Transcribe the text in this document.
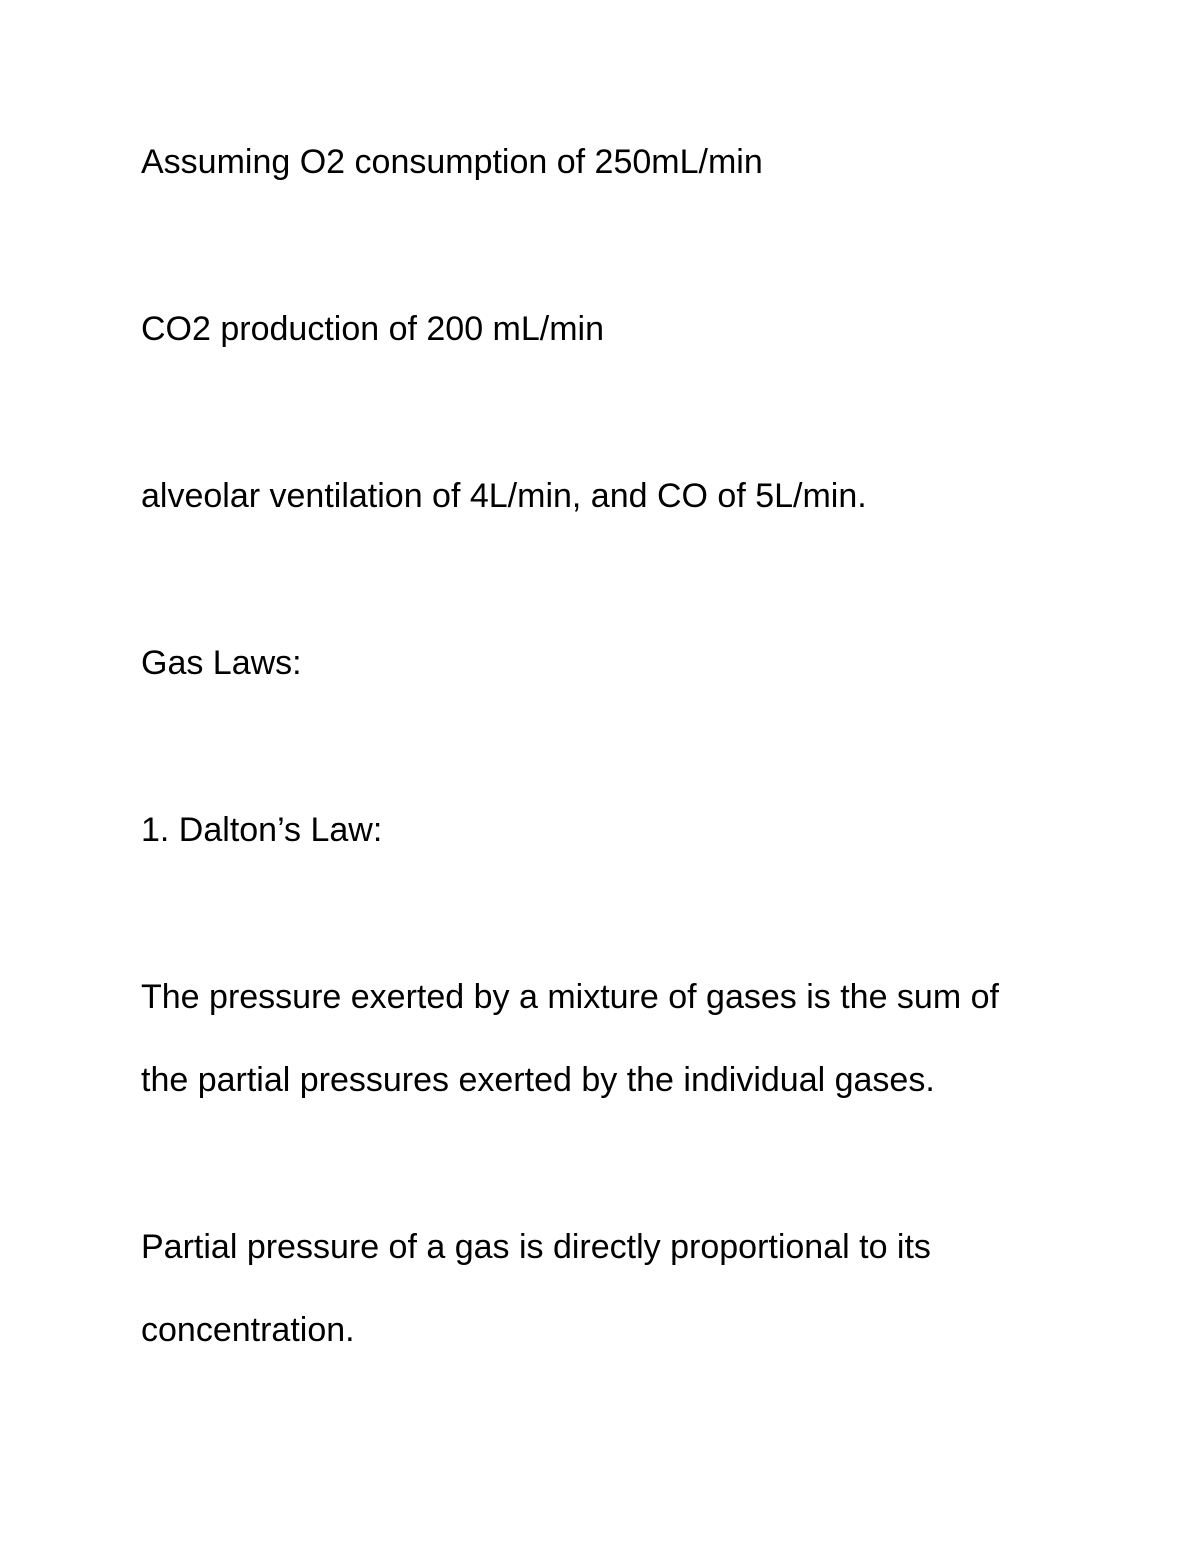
Assuming O2 consumption of 250mL/min

CO2 production of 200 mL/min

alveolar ventilation of 4L/min, and CO of 5L/min.

Gas Laws:

1. Dalton’s Law:

The pressure exerted by a mixture of gases is the sum of

the partial pressures exerted by the individual gases.

Partial pressure of a gas is directly proportional to its

concentration.
